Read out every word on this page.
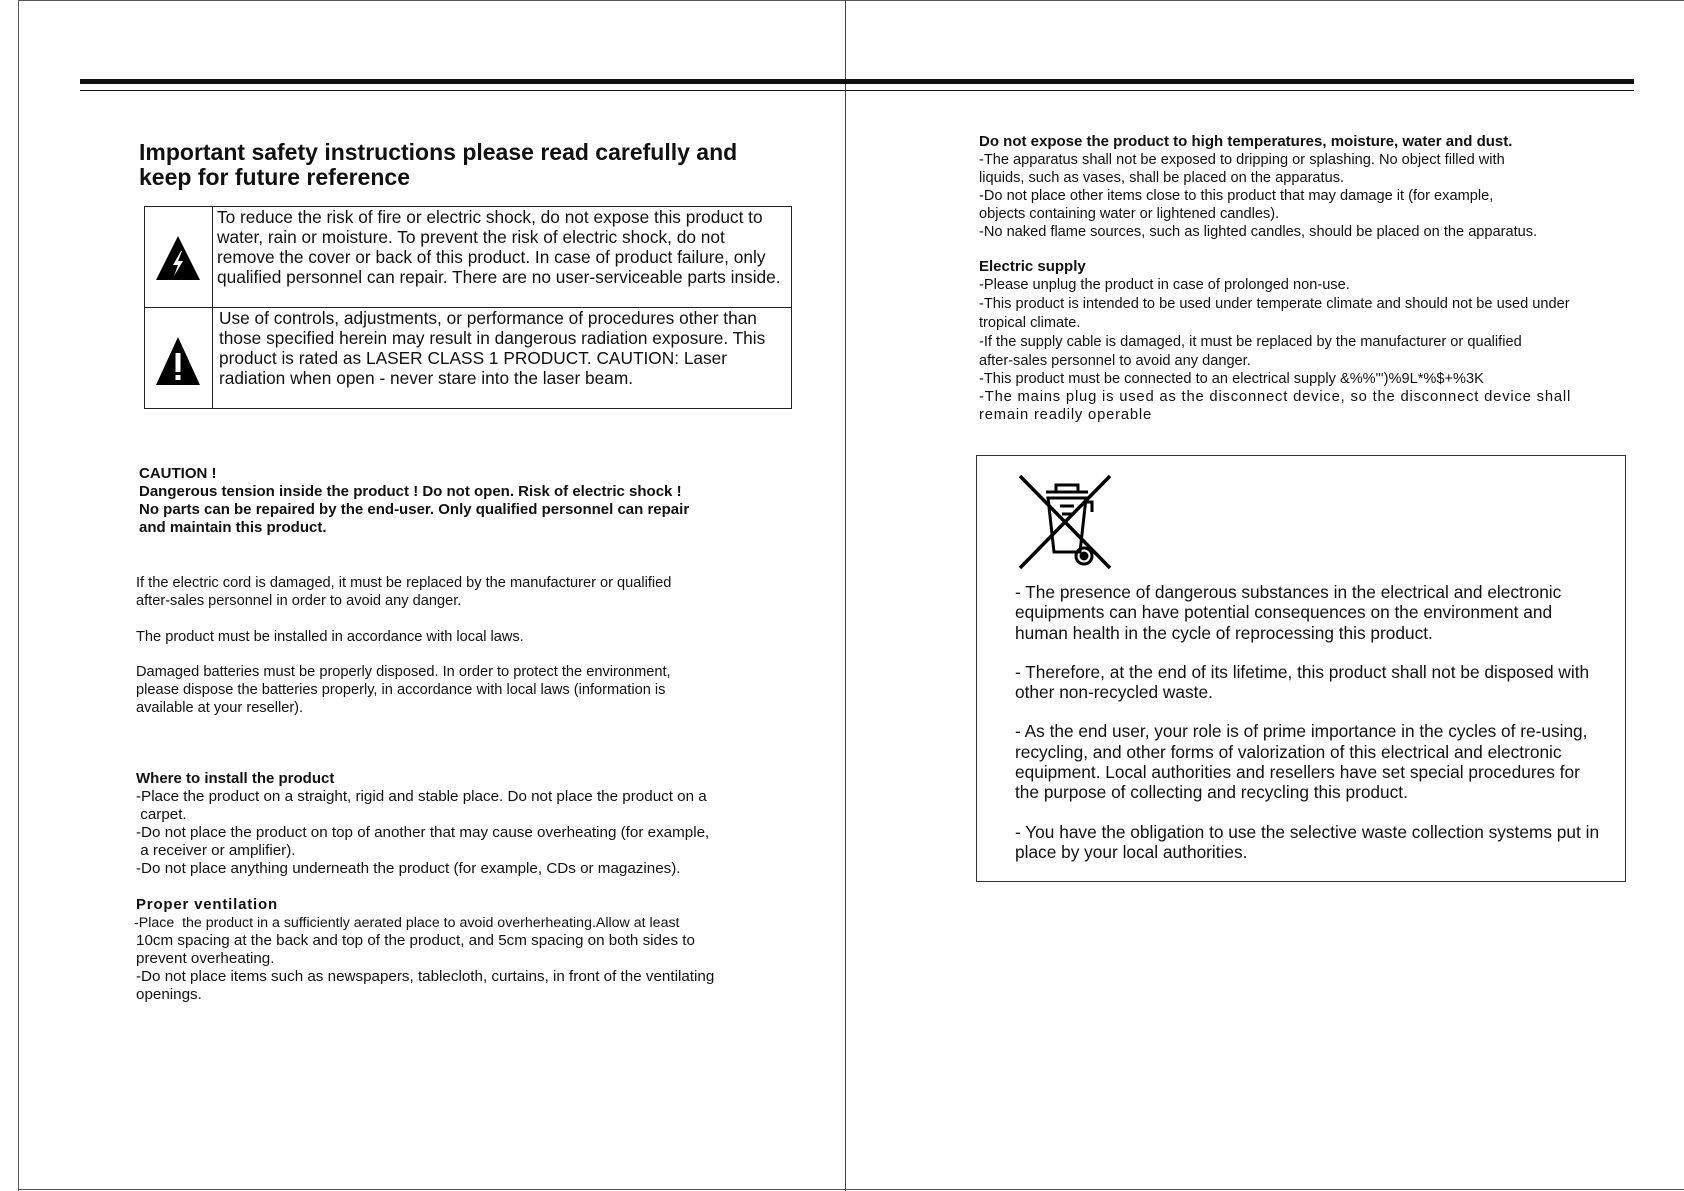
Important safety instructions please read carefully and keep for future reference
To reduce the risk of fire or electric shock, do not expose this product to water, rain or moisture. To prevent the risk of electric shock, do not remove the cover or back of this product. In case of product failure, only qualified personnel can repair. There are no user-serviceable parts inside.
Use of controls, adjustments, or performance of procedures other than those specified herein may result in dangerous radiation exposure. This product is rated as LASER CLASS 1 PRODUCT. CAUTION: Laser radiation when open - never stare into the laser beam.
CAUTION !
Dangerous tension inside the product ! Do not open. Risk of electric shock !
No parts can be repaired by the end-user. Only qualified personnel can repair
and maintain this product.
If the electric cord is damaged, it must be replaced by the manufacturer or qualified
after-sales personnel in order to avoid any danger.
The product must be installed in accordance with local laws.
Damaged batteries must be properly disposed. In order to protect the environment,
please dispose the batteries properly, in accordance with local laws (information is
available at your reseller).
Where to install the product
-Place the product on a straight, rigid and stable place. Do not place the product on a
carpet.
-Do not place the product on top of another that may cause overheating (for example,
a receiver or amplifier).
-Do not place anything underneath the product (for example, CDs or magazines).
Proper ventilation
-Place  the product in a sufficiently aerated place to avoid overherheating.Allow at least
10cm spacing at the back and top of the product, and 5cm spacing on both sides to
prevent overheating.
-Do not place items such as newspapers, tablecloth, curtains, in front of the ventilating
openings.
Do not expose the product to high temperatures, moisture, water and dust.
-The apparatus shall not be exposed to dripping or splashing. No object filled with
liquids, such as vases, shall be placed on the apparatus.
-Do not place other items close to this product that may damage it (for example,
objects containing water or lightened candles).
-No naked flame sources, such as lighted candles, should be placed on the apparatus.
Electric supply
-Please unplug the product in case of prolonged non-use.
-This product is intended to be used under temperate climate and should not be used under
tropical climate.
-If the supply cable is damaged, it must be replaced by the manufacturer or qualified
after-sales personnel to avoid any danger.
-This product must be connected to an electrical supply &%%"')%9L*%$+%3K
-The mains plug is used as the disconnect device, so the disconnect device shall
remain readily operable

- The presence of dangerous substances in the electrical and electronic equipments can have potential consequences on the environment and human health in the cycle of reprocessing this product.

- Therefore, at the end of its lifetime, this product shall not be disposed with other non-recycled waste.

- As the end user, your role is of prime importance in the cycles of re-using, recycling, and other forms of valorization of this electrical and electronic equipment. Local authorities and resellers have set special procedures for the purpose of collecting and recycling this product.

- You have the obligation to use the selective waste collection systems put in place by your local authorities.
